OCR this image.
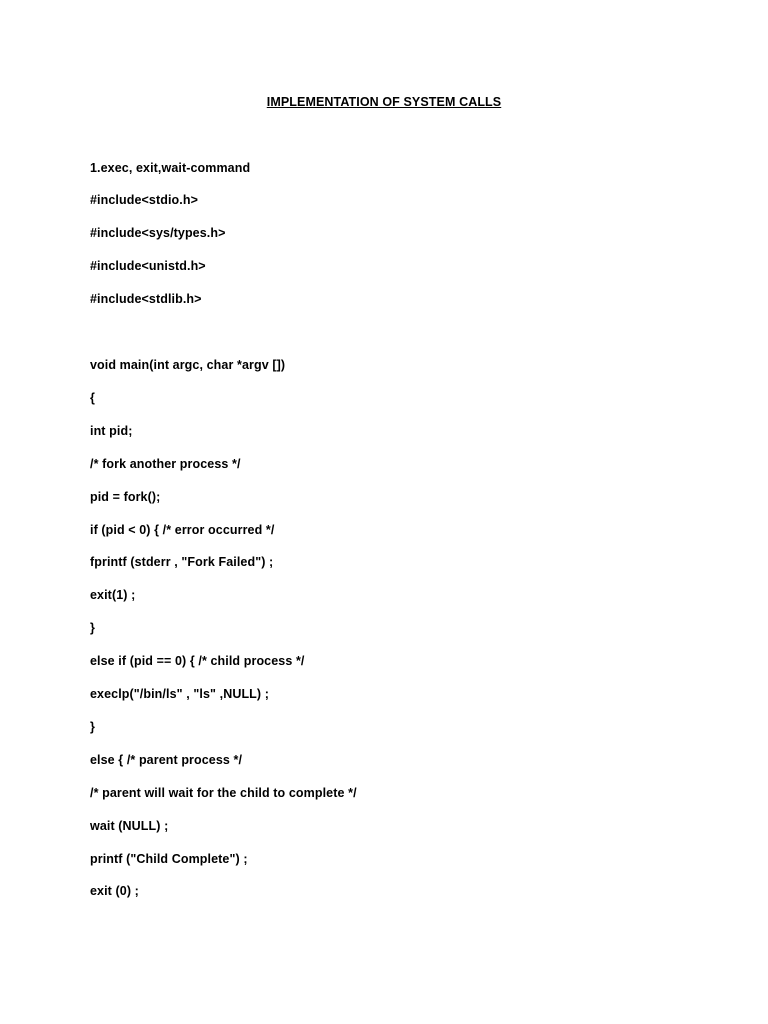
IMPLEMENTATION OF SYSTEM CALLS
1.exec, exit,wait-command
#include<stdio.h>
#include<sys/types.h>
#include<unistd.h>
#include<stdlib.h>
void main(int argc, char *argv [])
{
int pid;
/* fork another process */
pid = fork();
if (pid < 0) { /* error occurred */
fprintf (stderr , "Fork Failed") ;
exit(1) ;
}
else if (pid == 0) { /* child process */
execlp("/bin/ls" , "ls" ,NULL) ;
}
else { /* parent process */
/* parent will wait for the child to complete */
wait (NULL) ;
printf ("Child Complete") ;
exit (0) ;
